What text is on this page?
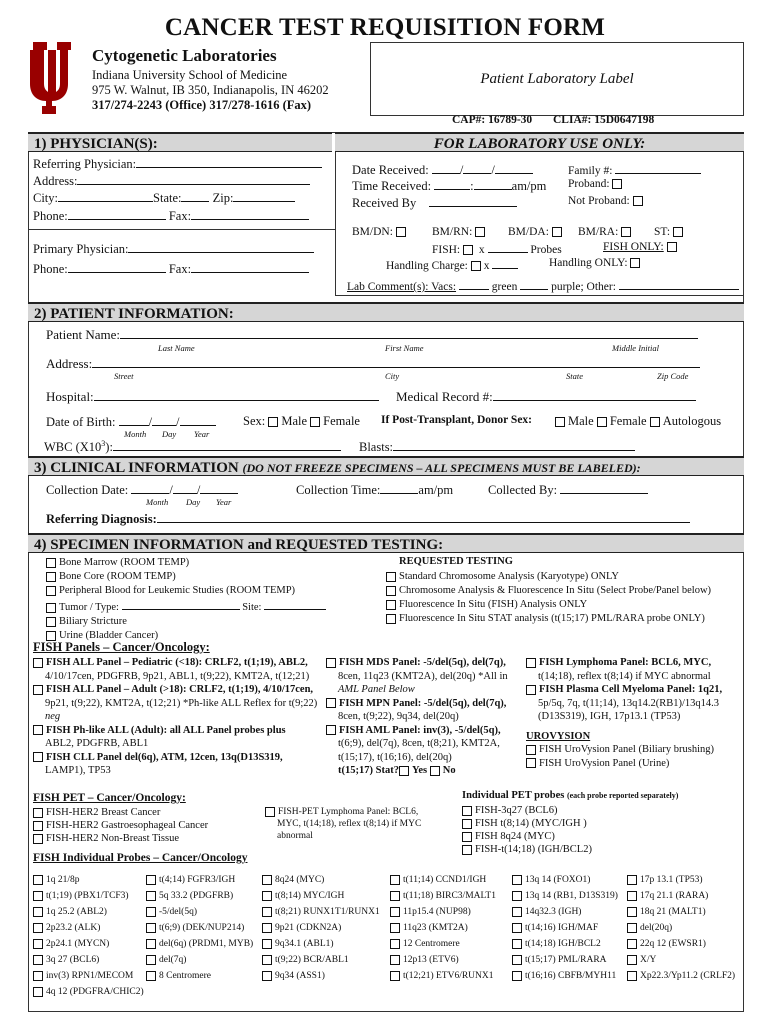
CANCER TEST REQUISITION FORM
Cytogenetic Laboratories
Indiana University School of Medicine
975 W. Walnut, IB 350, Indianapolis, IN 46202
317/274-2243 (Office) 317/278-1616 (Fax)
Patient Laboratory Label
CAP#: 16789-30 CLIA#: 15D0647198
1) PHYSICIAN(S):
Referring Physician:
Address:
City:	State: Zip:
Phone:	Fax:
Primary Physician:
Phone:	Fax:
FOR LABORATORY USE ONLY:
Date Received: / /
Time Received:	:	am/pm
Received By
Family #:
Proband:
Not Proband:
BM/DN:	BM/RN:	BM/DA:	BM/RA:	ST:
FISH: x	Probes	FISH ONLY:
Handling Charge: x	Handling ONLY:
Lab Comment(s): Vacs:	green	purple; Other:
2) PATIENT INFORMATION:
Patient Name:
Last Name	First Name	Middle Initial
Address:
Street	City	State	Zip Code
Hospital:	Medical Record #:
Date of Birth:	/ /
Month Day Year
Sex: Male Female If Post-Transplant, Donor Sex:	Male Female Autologous
WBC $(X10^3)$:	Blasts:
3) CLINICAL INFORMATION (DO NOT FREEZE SPECIMENS – ALL SPECIMENS MUST BE LABELED):
Collection Date:	/ /
Month Day Year
Collection Time:	am/pm	Collected By:
Referring Diagnosis:
4) SPECIMEN INFORMATION and REQUESTED TESTING:
Bone Marrow (ROOM TEMP)
Bone Core (ROOM TEMP)
Peripheral Blood for Leukemic Studies (ROOM TEMP)
Tumor / Type:	Site:
Biliary Stricture
Urine (Bladder Cancer)
REQUESTED TESTING
Standard Chromosome Analysis (Karyotype) ONLY
Chromosome Analysis & Fluorescence In Situ (Select Probe/Panel below)
Fluorescence In Situ (FISH) Analysis ONLY
Fluorescence In Situ STAT analysis (t(15;17) PML/RARA probe ONLY)
FISH Panels – Cancer/Oncology:
FISH ALL Panel – Pediatric (<18): CRLF2, t(1;19), ABL2,
4/10/17cen, PDGFRB, 9p21, ABL1, t(9;22), KMT2A, t(12;21)
FISH ALL Panel – Adult (>18): CRLF2, t(1;19), 4/10/17cen,
9p21, t(9;22), KMT2A, t(12;21) *Ph-like ALL Reflex for t(9;22)
neg
FISH Ph-like ALL (Adult): all ALL Panel probes plus
ABL2, PDGFRB, ABL1
FISH CLL Panel del(6q), ATM, 12cen, 13q(D13S319,
LAMP1), TP53
FISH MDS Panel: -5/del(5q), del(7q),
8cen, 11q23 (KMT2A), del(20q) *All in
AML Panel Below
FISH MPN Panel: -5/del(5q), del(7q),
8cen, t(9;22), 9q34, del(20q)
FISH AML Panel: inv(3), -5/del(5q),
t(6;9), del(7q), 8cen, t(8;21), KMT2A,
t(15;17), t(16;16), del(20q)
t(15;17) Stat? Yes No
FISH Lymphoma Panel: BCL6, MYC,
t(14;18), reflex t(8;14) if MYC abnormal
FISH Plasma Cell Myeloma Panel: 1q21,
5p/5q, 7q, t(11;14), 13q14.2(RB1)/13q14.3
(D13S319), IGH, 17p13.1 (TP53)
UROVYSION
FISH UroVysion Panel (Biliary brushing)
FISH UroVysion Panel (Urine)
FISH PET – Cancer/Oncology:
FISH-HER2 Breast Cancer
FISH-HER2 Gastroesophageal Cancer
FISH-HER2 Non-Breast Tissue
FISH-PET Lymphoma Panel: BCL6,
MYC, t(14;18), reflex t(8;14) if MYC
abnormal
Individual PET probes (each probe reported separately)
FISH-3q27 (BCL6)
FISH t(8;14) (MYC/IGH )
FISH 8q24 (MYC)
FISH-t(14;18) (IGH/BCL2)
FISH Individual Probes – Cancer/Oncology
1q 21/8p
t(1;19) (PBX1/TCF3)
1q 25.2 (ABL2)
2p23.2 (ALK)
2p24.1 (MYCN)
3q 27 (BCL6)
inv(3) RPN1/MECOM
4q 12 (PDGFRA/CHIC2)
t(4;14) FGFR3/IGH
5q 33.2 (PDGFRB)
-5/del(5q)
t(6;9) (DEK/NUP214)
del(6q) (PRDM1, MYB)
del(7q)
8 Centromere
8q24 (MYC)
t(8;14) MYC/IGH
t(8;21) RUNX1T1/RUNX1
9p21 (CDKN2A)
9q34.1 (ABL1)
t(9;22) BCR/ABL1
9q34 (ASS1)
t(11;14) CCND1/IGH
t(11;18) BIRC3/MALT1
11p15.4 (NUP98)
11q23 (KMT2A)
12 Centromere
12p13 (ETV6)
t(12;21) ETV6/RUNX1
13q 14 (FOXO1)
13q 14 (RB1, D13S319)
14q32.3 (IGH)
t(14;16) IGH/MAF
t(14;18) IGH/BCL2
t(15;17) PML/RARA
t(16;16) CBFB/MYH11
17p 13.1 (TP53)
17q 21.1 (RARA)
18q 21 (MALT1)
del(20q)
22q 12 (EWSR1)
X/Y
Xp22.3/Yp11.2 (CRLF2)
